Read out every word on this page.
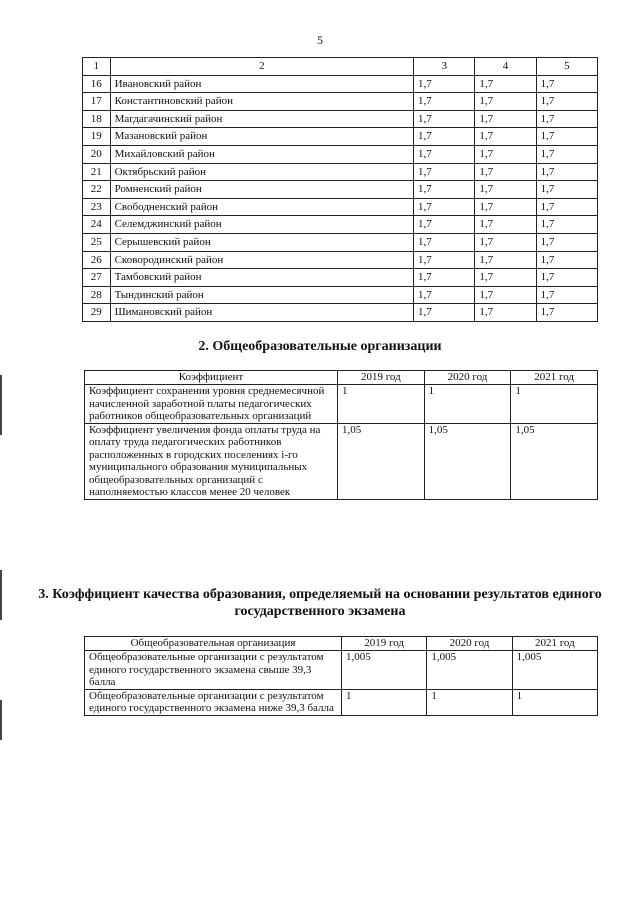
5
1	2	3	4	5
16	Ивановский район	1,7	1,7	1,7
17	Константиновский район	1,7	1,7	1,7
18	Магдагачинский район	1,7	1,7	1,7
19	Мазановский район	1,7	1,7	1,7
20	Михайловский район	1,7	1,7	1,7
21	Октябрьский район	1,7	1,7	1,7
22	Ромненский район	1,7	1,7	1,7
23	Свободненский район	1,7	1,7	1,7
24	Селемджинский район	1,7	1,7	1,7
25	Серышевский район	1,7	1,7	1,7
26	Сковородинский район	1,7	1,7	1,7
27	Тамбовский район	1,7	1,7	1,7
28	Тындинский район	1,7	1,7	1,7
29	Шимановский район	1,7	1,7	1,7
2. Общеобразовательные организации
Коэффициент	2019 год	2020 год	2021 год
Коэффициент сохранения уровня среднемесячной начисленной заработной платы педагогических работников общеобразовательных организаций	1	1	1
Коэффициент увеличения фонда оплаты труда на оплату труда педагогических работников расположенных в городских поселениях i-го муниципального образования муниципальных общеобразовательных организаций с наполняемостью классов менее 20 человек	1,05	1,05	1,05
3. Коэффициент качества образования, определяемый на основании результатов единого государственного экзамена
Общеобразовательная организация	2019 год	2020 год	2021 год
Общеобразовательные организации с результатом единого государственного экзамена свыше 39,3 балла	1,005	1,005	1,005
Общеобразовательные организации с результатом единого государственного экзамена ниже 39,3 балла	1	1	1
